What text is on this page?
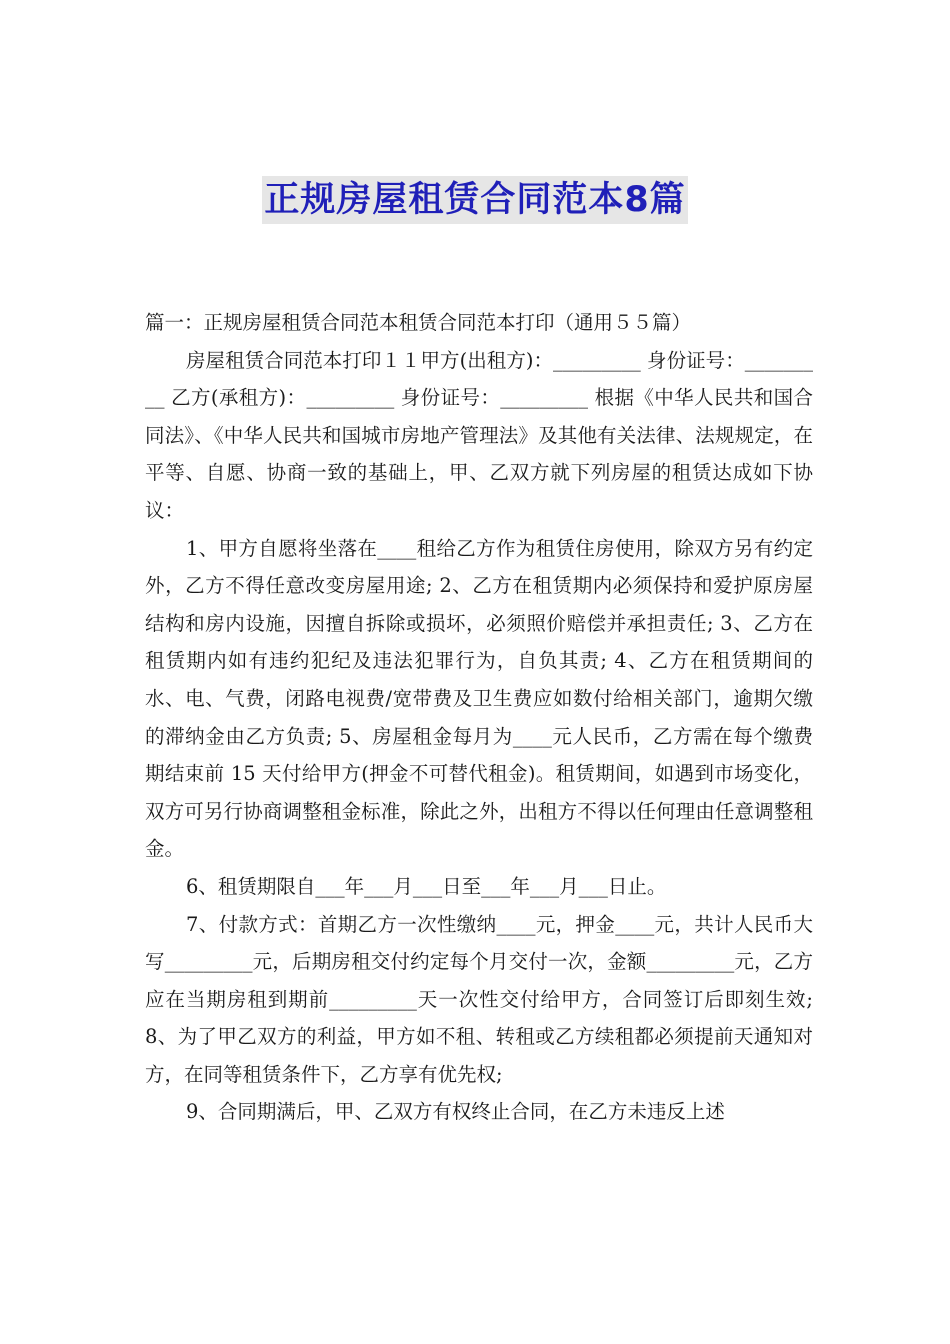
正规房屋租赁合同范本8篇

篇一：正规房屋租赁合同范本租赁合同范本打印（通用５５篇）

房屋租赁合同范本打印１１甲方(出租方)：_________ 身份证号：_________ 乙方(承租方)：_________ 身份证号：_________ 根据《中华人民共和国合同法》、《中华人民共和国城市房地产管理法》及其他有关法律、法规规定，在平等、自愿、协商一致的基础上，甲、乙双方就下列房屋的租赁达成如下协议：

1、甲方自愿将坐落在____租给乙方作为租赁住房使用，除双方另有约定外，乙方不得任意改变房屋用途; 2、乙方在租赁期内必须保持和爱护原房屋结构和房内设施，因擅自拆除或损坏，必须照价赔偿并承担责任; 3、乙方在租赁期内如有违约犯纪及违法犯罪行为，自负其责; 4、乙方在租赁期间的水、电、气费，闭路电视费/宽带费及卫生费应如数付给相关部门，逾期欠缴的滞纳金由乙方负责; 5、房屋租金每月为____元人民币，乙方需在每个缴费期结束前 15 天付给甲方(押金不可替代租金)。租赁期间，如遇到市场变化，双方可另行协商调整租金标准，除此之外，出租方不得以任何理由任意调整租金。

6、租赁期限自___年___月___日至___年___月___日止。

7、付款方式：首期乙方一次性缴纳____元，押金____元，共计人民币大写_________元，后期房租交付约定每个月交付一次，金额_________元，乙方应在当期房租到期前_________天一次性交付给甲方，合同签订后即刻生效; 8、为了甲乙双方的利益，甲方如不租、转租或乙方续租都必须提前天通知对方，在同等租赁条件下，乙方享有优先权;

9、合同期满后，甲、乙双方有权终止合同，在乙方未违反上述
